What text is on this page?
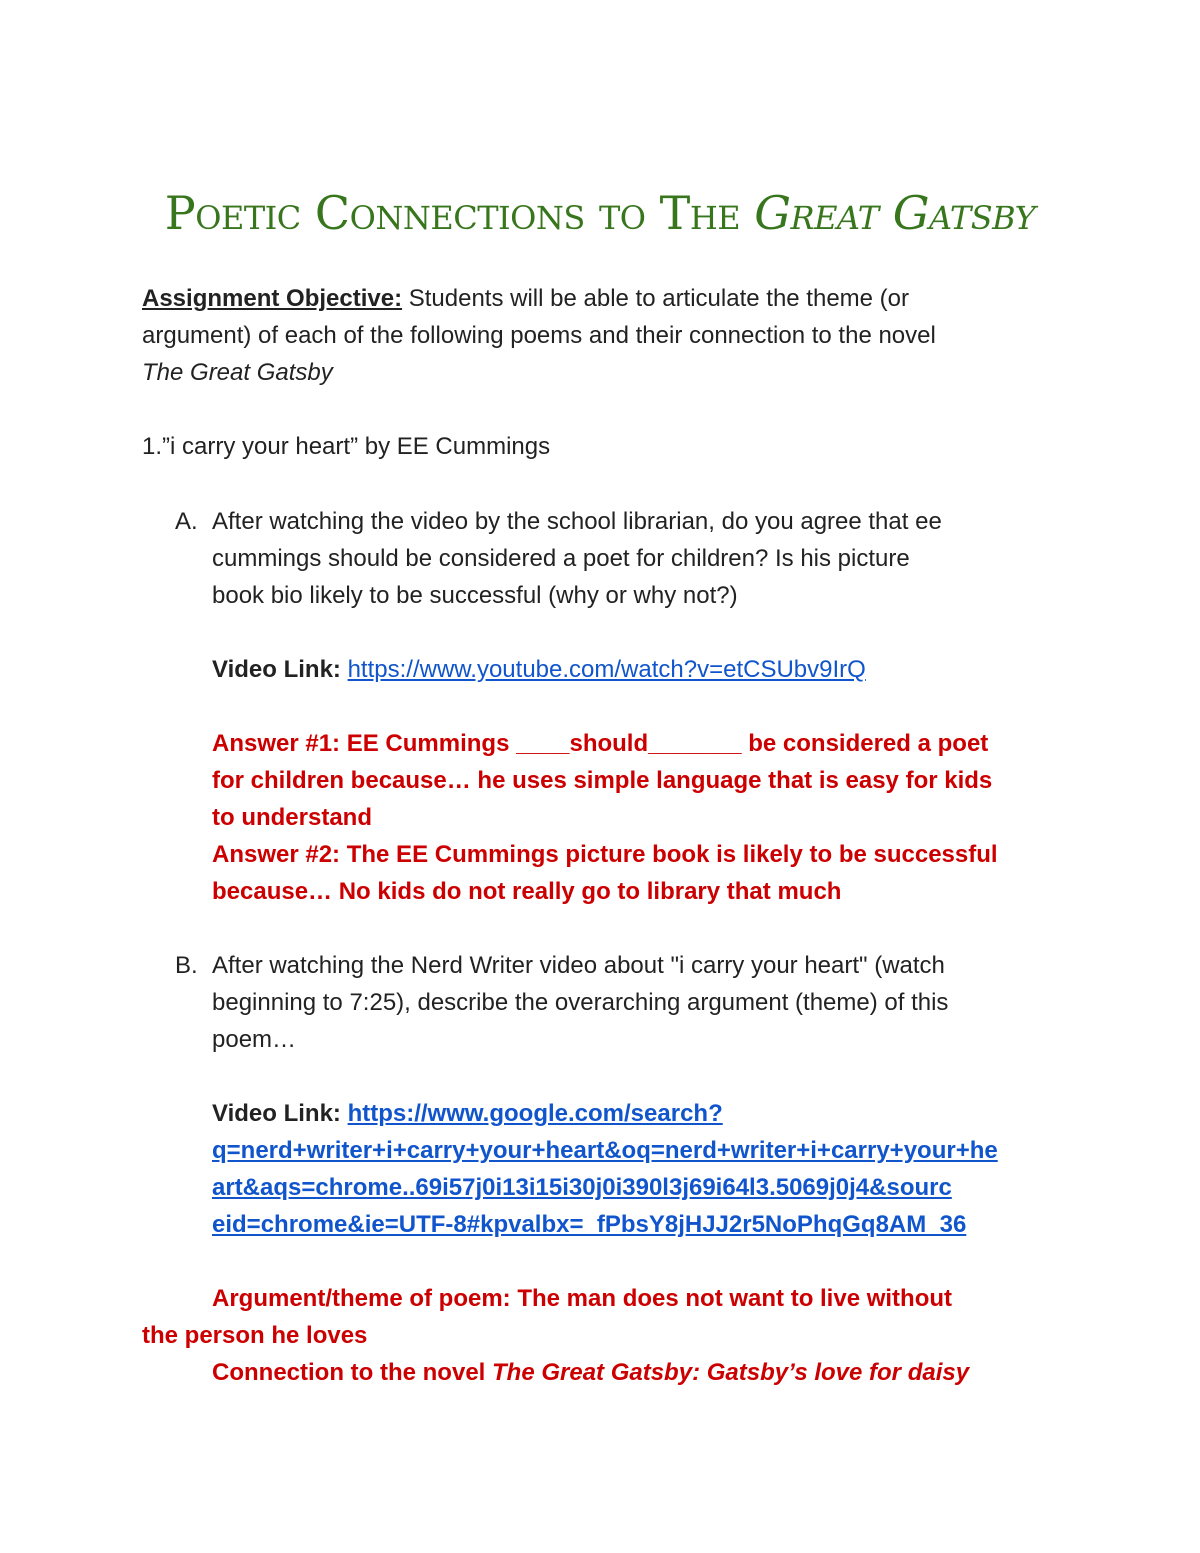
Poetic Connections to The Great Gatsby
Assignment Objective: Students will be able to articulate the theme (or
argument) of each of the following poems and their connection to the novel
The Great Gatsby
1.”i carry your heart” by EE Cummings
A. After watching the video by the school librarian, do you agree that ee
cummings should be considered a poet for children? Is his picture
book bio likely to be successful (why or why not?)
Video Link: https://www.youtube.com/watch?v=etCSUbv9IrQ
Answer #1: EE Cummings ____should_______ be considered a poet
for children because… he uses simple language that is easy for kids
to understand
Answer #2: The EE Cummings picture book is likely to be successful
because… No kids do not really go to library that much
B. After watching the Nerd Writer video about "i carry your heart" (watch
beginning to 7:25), describe the overarching argument (theme) of this
poem…
Video Link: https://www.google.com/search?
q=nerd+writer+i+carry+your+heart&oq=nerd+writer+i+carry+your+he
art&aqs=chrome..69i57j0i13i15i30j0i390l3j69i64l3.5069j0j4&sourc
eid=chrome&ie=UTF-8#kpvalbx=_fPbsY8jHJJ2r5NoPhqGq8AM_36
Argument/theme of poem: The man does not want to live without
the person he loves
Connection to the novel The Great Gatsby: Gatsby’s love for daisy
